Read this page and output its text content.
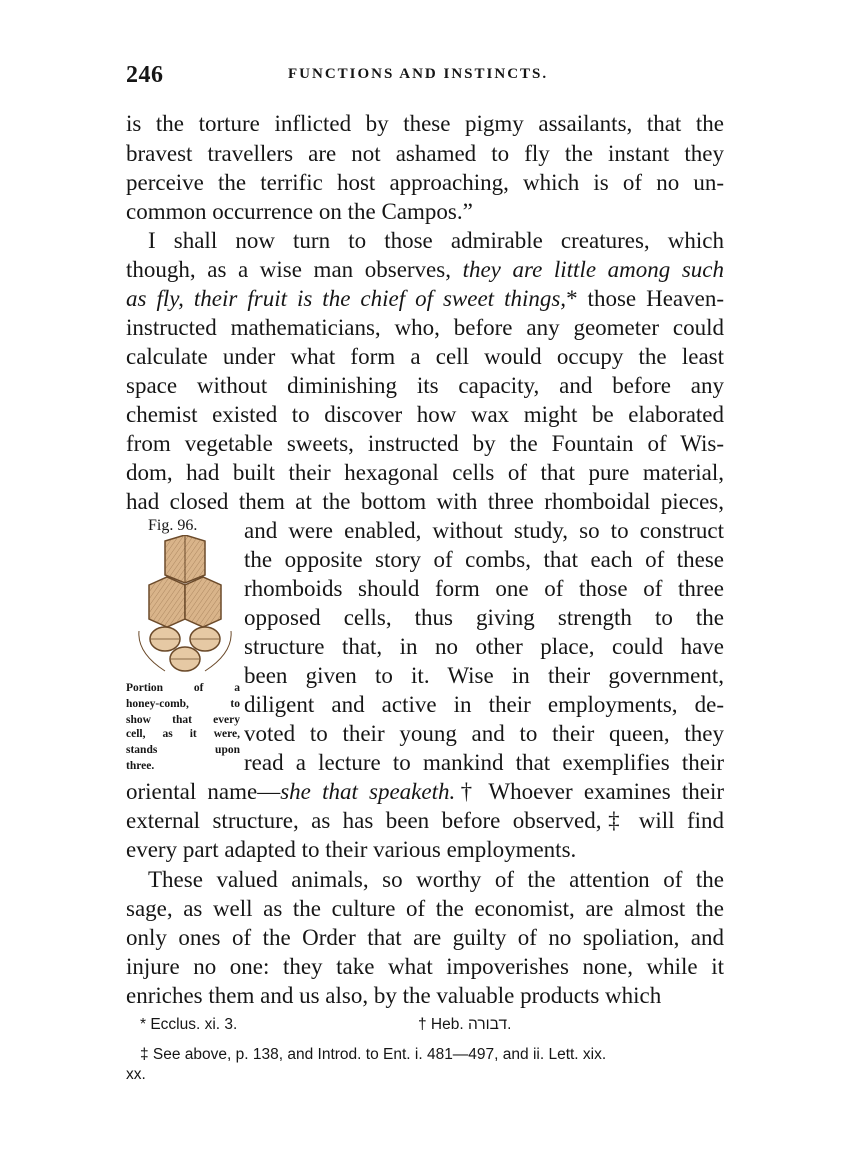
246	FUNCTIONS AND INSTINCTS.
is the torture inflicted by these pigmy assailants, that the
bravest travellers are not ashamed to fly the instant they
perceive the terrific host approaching, which is of no un-
common occurrence on the Campos.”
I shall now turn to those admirable creatures, which
though, as a wise man observes, they are little among such
as fly, their fruit is the chief of sweet things,* those Heaven-
instructed mathematicians, who, before any geometer could
calculate under what form a cell would occupy the least
space without diminishing its capacity, and before any
chemist existed to discover how wax might be elaborated
from vegetable sweets, instructed by the Fountain of Wis-
dom, had built their hexagonal cells of that pure material,
had closed them at the bottom with three rhomboidal pieces,
and were enabled, without study, so to construct
the opposite story of combs, that each of these
rhomboids should form one of those of three
opposed cells, thus giving strength to the
structure that, in no other place, could have
been given to it. Wise in their government,
diligent and active in their employments, de-
voted to their young and to their queen, they
read a lecture to mankind that exemplifies their
oriental name—she that speaketh.† Whoever examines their
external structure, as has been before observed,‡ will find
every part adapted to their various employments.
These valued animals, so worthy of the attention of the
sage, as well as the culture of the economist, are almost the
only ones of the Order that are guilty of no spoliation, and
injure no one: they take what impoverishes none, while it
enriches them and us also, by the valuable products which
Fig. 96.
Portion of a
honey-comb, to
show that every
cell, as it were,
stands upon
three.
* Ecclus. xi. 3.	† Heb. דבורה.
‡ See above, p. 138, and Introd. to Ent. i. 481—497, and ii. Lett. xix.
xx.
